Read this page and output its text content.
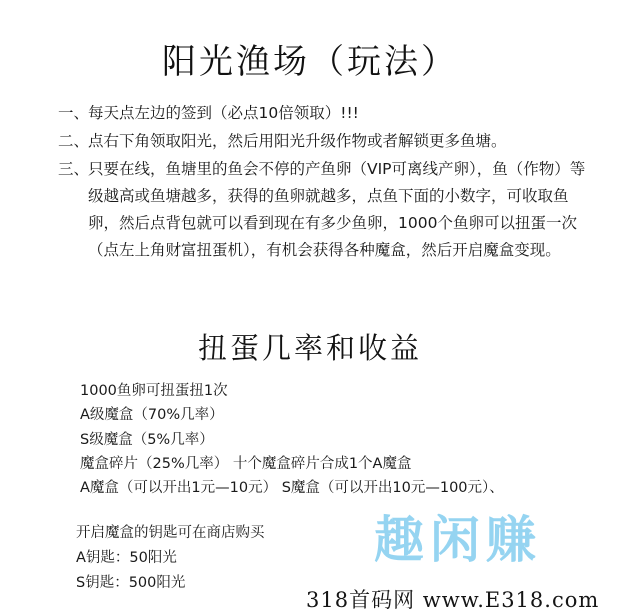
阳光渔场（玩法）
一、
每天点左边的签到（必点10倍领取）!!!
二、
点右下角领取阳光，然后用阳光升级作物或者解锁更多鱼塘。
三、
只要在线，鱼塘里的鱼会不停的产鱼卵（VIP可离线产卵），鱼（作物）等级越高或鱼塘越多，获得的鱼卵就越多，点鱼下面的小数字，可收取鱼卵，然后点背包就可以看到现在有多少鱼卵，1000个鱼卵可以扭蛋一次（点左上角财富扭蛋机），有机会获得各种魔盒，然后开启魔盒变现。
扭蛋几率和收益
1000鱼卵可扭蛋扭1次
A级魔盒（70%几率）
S级魔盒（5%几率）
魔盒碎片（25%几率） 十个魔盒碎片合成1个A魔盒
A魔盒（可以开出1元—10元） S魔盒（可以开出10元—100元）、
开启魔盒的钥匙可在商店购买
A钥匙：50阳光
S钥匙：500阳光
趣闲赚
318首码网 www.E318.com
